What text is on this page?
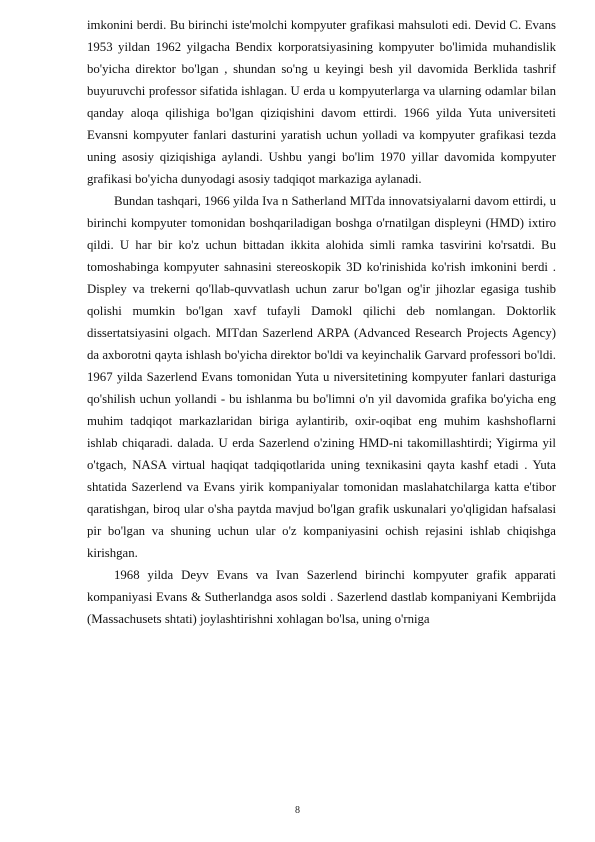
imkonini berdi. Bu birinchi iste'molchi kompyuter grafikasi mahsuloti edi. Devid C. Evans 1953 yildan 1962 yilgacha Bendix korporatsiyasining kompyuter bo'limida muhandislik bo'yicha direktor bo'lgan , shundan so'ng u keyingi besh yil davomida Berklida tashrif buyuruvchi professor sifatida ishlagan. U erda u kompyuterlarga va ularning odamlar bilan qanday aloqa qilishiga bo'lgan qiziqishini davom ettirdi. 1966 yilda Yuta universiteti Evansni kompyuter fanlari dasturini yaratish uchun yolladi va kompyuter grafikasi tezda uning asosiy qiziqishiga aylandi. Ushbu yangi bo'lim 1970 yillar davomida kompyuter grafikasi bo'yicha dunyodagi asosiy tadqiqot markaziga aylanadi.

Bundan tashqari, 1966 yilda Iva n Satherland MITda innovatsiyalarni davom ettirdi, u birinchi kompyuter tomonidan boshqariladigan boshga o'rnatilgan displeyni (HMD) ixtiro qildi. U har bir ko'z uchun bittadan ikkita alohida simli ramka tasvirini ko'rsatdi. Bu tomoshabinga kompyuter sahnasini stereoskopik 3D ko'rinishida ko'rish imkonini berdi . Displey va trekerni qo'llab-quvvatlash uchun zarur bo'lgan og'ir jihozlar egasiga tushib qolishi mumkin bo'lgan xavf tufayli Damokl qilichi deb nomlangan. Doktorlik dissertatsiyasini olgach. MITdan Sazerlend ARPA (Advanced Research Projects Agency) da axborotni qayta ishlash bo'yicha direktor bo'ldi va keyinchalik Garvard professori bo'ldi. 1967 yilda Sazerlend Evans tomonidan Yuta u niversitetining kompyuter fanlari dasturiga qo'shilish uchun yollandi - bu ishlanma bu bo'limni o'n yil davomida grafika bo'yicha eng muhim tadqiqot markazlaridan biriga aylantirib, oxir-oqibat eng muhim kashshoflarni ishlab chiqaradi. dalada. U erda Sazerlend o'zining HMD-ni takomillashtirdi; Yigirma yil o'tgach, NASA virtual haqiqat tadqiqotlarida uning texnikasini qayta kashf etadi . Yuta shtatida Sazerlend va Evans yirik kompaniyalar tomonidan maslahatchilarga katta e'tibor qaratishgan, biroq ular o'sha paytda mavjud bo'lgan grafik uskunalari yo'qligidan hafsalasi pir bo'lgan va shuning uchun ular o'z kompaniyasini ochish rejasini ishlab chiqishga kirishgan.

1968 yilda Deyv Evans va Ivan Sazerlend birinchi kompyuter grafik apparati kompaniyasi Evans & Sutherlandga asos soldi . Sazerlend dastlab kompaniyani Kembrijda (Massachusets shtati) joylashtirishni xohlagan bo'lsa, uning o'rniga

8
